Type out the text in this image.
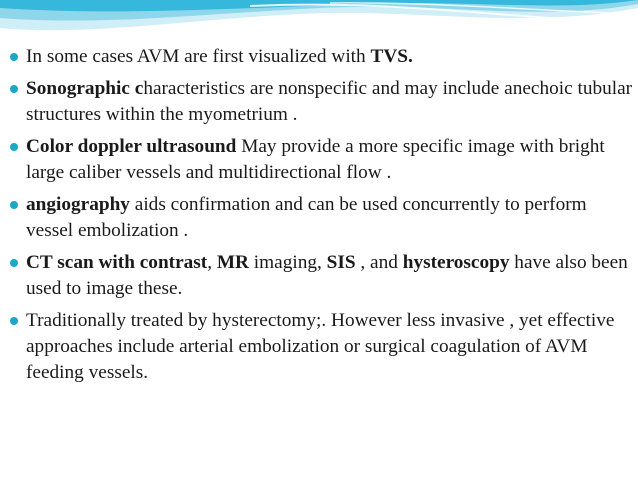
In some cases AVM are first visualized with TVS.
Sonographic characteristics are nonspecific and may include anechoic tubular structures within the myometrium .
Color doppler ultrasound May provide a more specific image with bright large caliber vessels and multidirectional flow .
angiography aids confirmation and can be used concurrently to perform vessel embolization .
CT scan with contrast, MR imaging, SIS , and hysteroscopy have also been used to image these.
Traditionally treated by hysterectomy;. However less invasive , yet effective approaches include arterial embolization or surgical coagulation of AVM feeding vessels.
